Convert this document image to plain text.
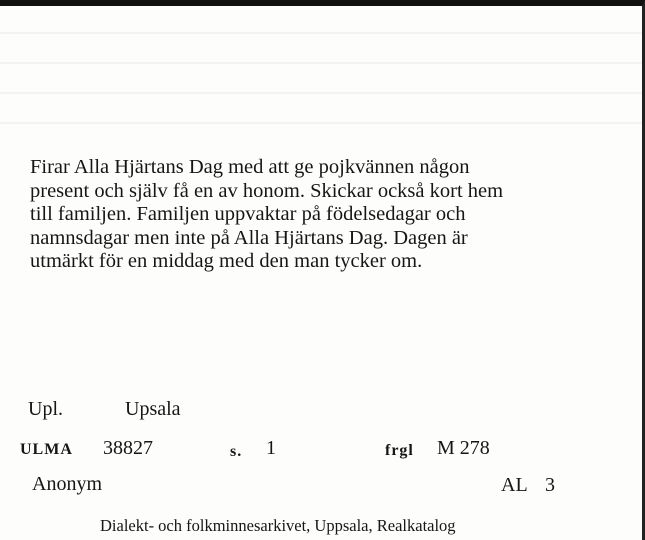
Firar Alla Hjärtans Dag med att ge pojkvännen någon
present och själv få en av honom. Skickar också kort hem
till familjen. Familjen uppvaktar på födelsedagar och
namnsdagar men inte på Alla Hjärtans Dag. Dagen är
utmärkt för en middag med den man tycker om.
Upl.	Upsala
ULMA 38827	s. 1	frgl M 278
Anonym	AL 3
Dialekt- och folkminnesarkivet, Uppsala, Realkatalog
